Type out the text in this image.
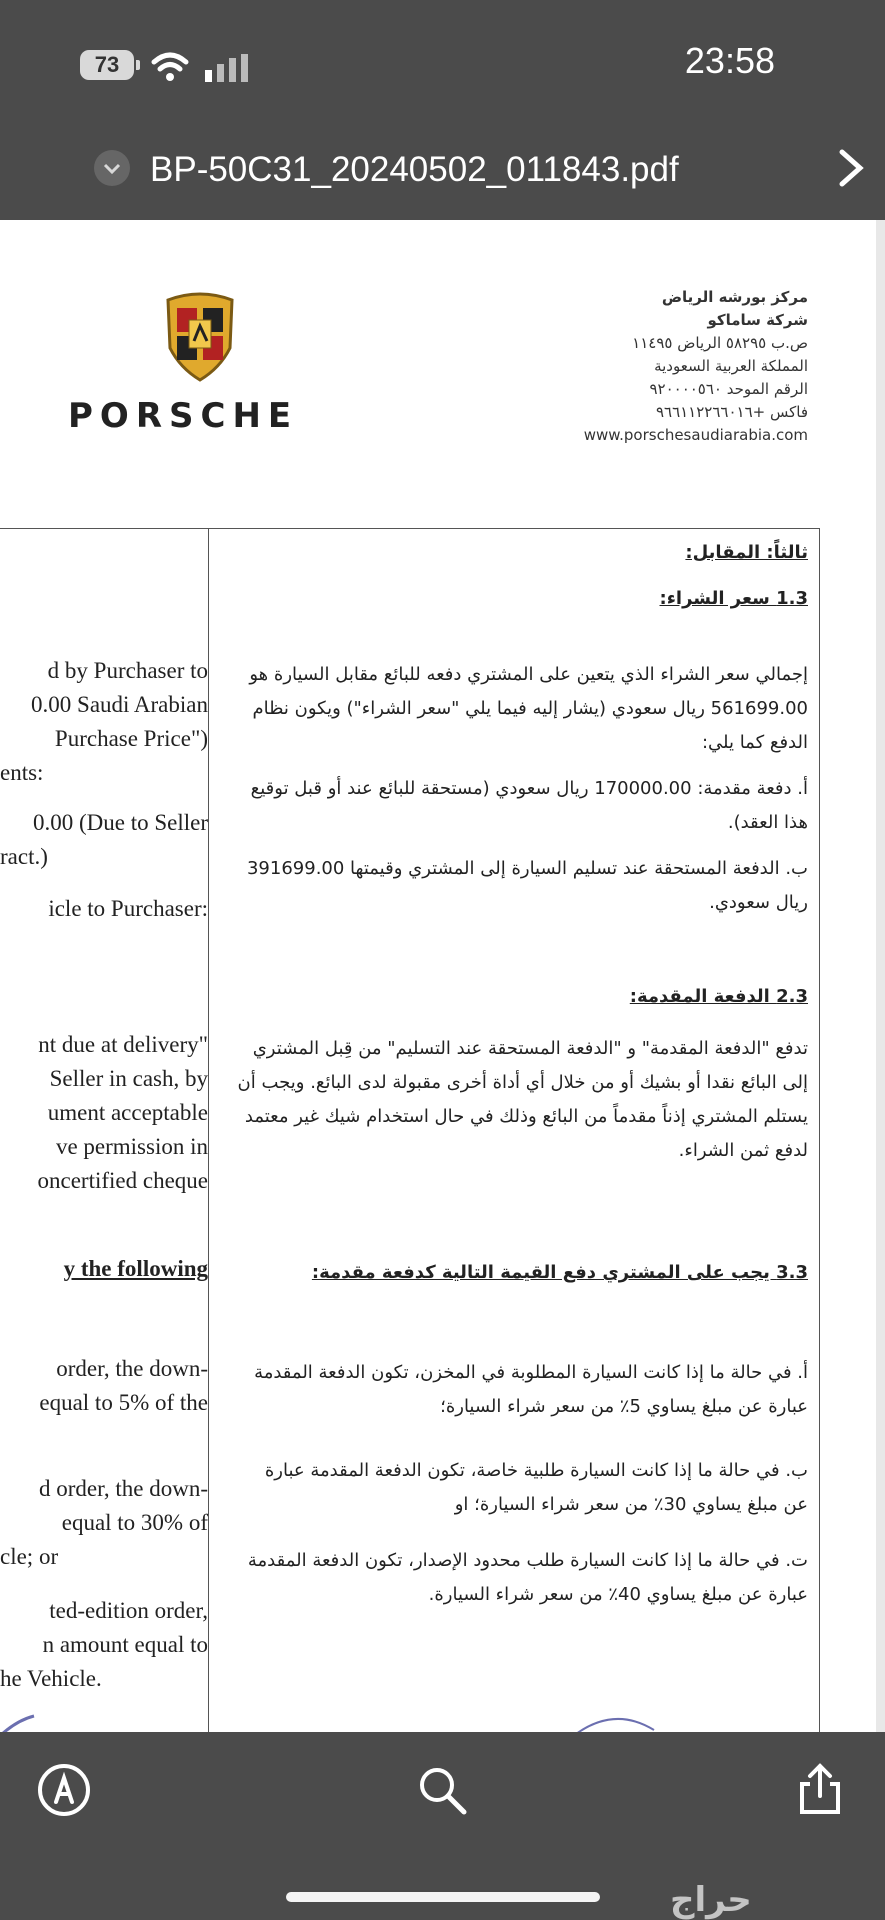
73	23:58
BP-50C31_20240502_011843.pdf
PORSCHE
مركز بورشه الرياض
شركة ساماكو
ص.ب ٥٨٢٩٥ الرياض ١١٤٩٥
المملكة العربية السعودية
الرقم الموحد ٩٢٠٠٠٠٥٦٠
فاكس ‎+٩٦٦١١٢٢٦٦٠١٦
www.porschesaudiarabia.com
d by Purchaser to
0.00 Saudi Arabian
Purchase Price")
ents:
0.00 (Due to Seller
ract.)
icle to Purchaser:
nt due at delivery"
Seller in cash, by
ument acceptable
ve permission in
oncertified cheque
y the following
order, the down-
equal to 5% of the
d order, the down-
equal to 30% of
cle; or
ted-edition order,
n amount equal to
he Vehicle.
ثالثاً: المقابل:
1.3 سعر الشراء:
إجمالي سعر الشراء الذي يتعين على المشتري دفعه للبائع مقابل السيارة هو 561699.00 ريال سعودي (يشار إليه فيما يلي "سعر الشراء") ويكون نظام الدفع كما يلي:
أ. دفعة مقدمة: 170000.00 ريال سعودي (مستحقة للبائع عند أو قبل توقيع هذا العقد).
ب. الدفعة المستحقة عند تسليم السيارة إلى المشتري وقيمتها 391699.00 ريال سعودي.
2.3 الدفعة المقدمة:
تدفع "الدفعة المقدمة" و "الدفعة المستحقة عند التسليم" من قِبل المشتري إلى البائع نقدا أو بشيك أو من خلال أي أداة أخرى مقبولة لدى البائع. ويجب أن يستلم المشتري إذناً مقدماً من البائع وذلك في حال استخدام شيك غير معتمد لدفع ثمن الشراء.
3.3 يجب على المشتري دفع القيمة التالية كدفعة مقدمة:
أ. في حالة ما إذا كانت السيارة المطلوبة في المخزن، تكون الدفعة المقدمة عبارة عن مبلغ يساوي 5٪ من سعر شراء السيارة؛
ب. في حالة ما إذا كانت السيارة طلبية خاصة، تكون الدفعة المقدمة عبارة عن مبلغ يساوي 30٪ من سعر شراء السيارة؛ او
ت. في حالة ما إذا كانت السيارة طلب محدود الإصدار، تكون الدفعة المقدمة عبارة عن مبلغ يساوي 40٪ من سعر شراء السيارة.
حراج
